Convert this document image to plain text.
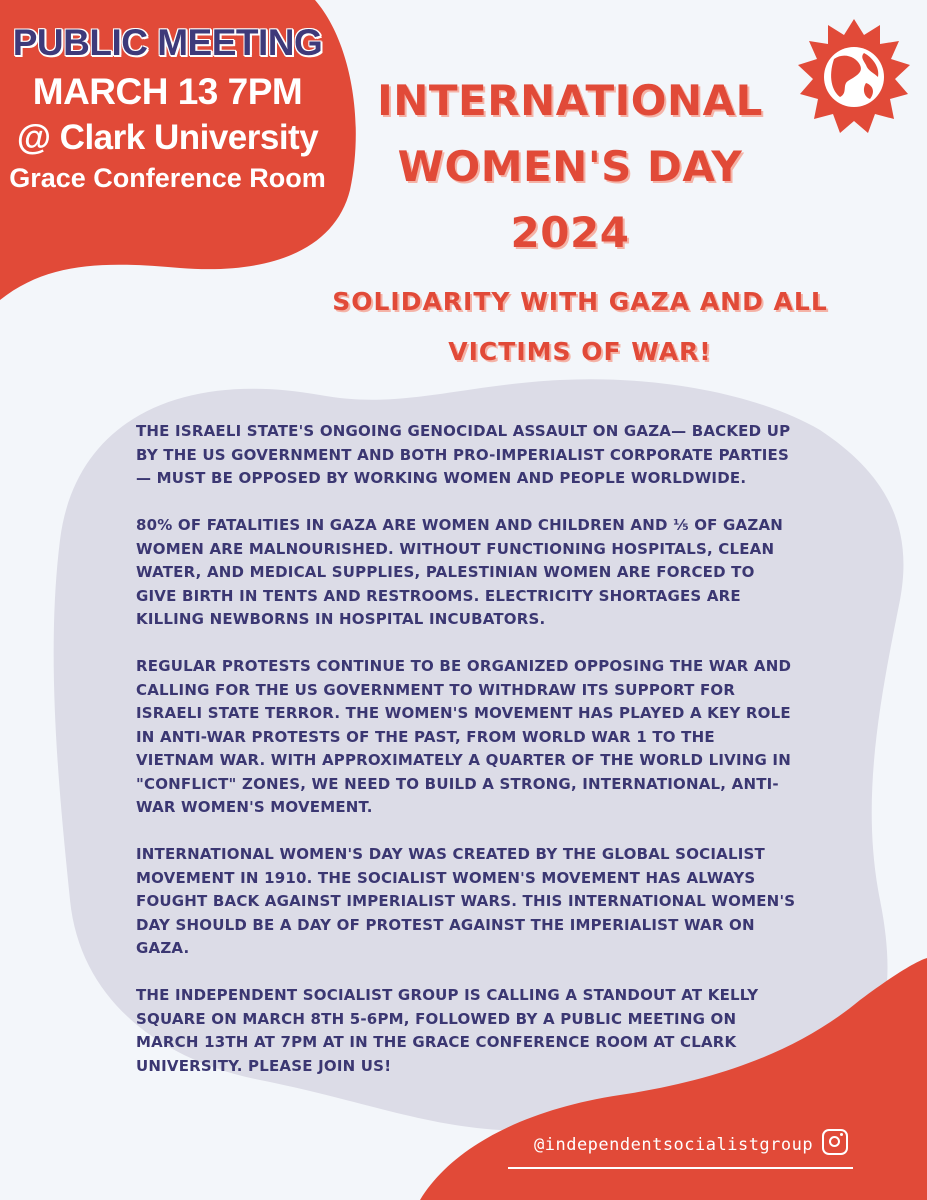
PUBLIC MEETING
MARCH 13 7PM
@ Clark University
Grace Conference Room
INTERNATIONAL
WOMEN'S DAY
2024
SOLIDARITY WITH GAZA AND ALL
VICTIMS OF WAR!

THE ISRAELI STATE'S ONGOING GENOCIDAL ASSAULT ON GAZA— BACKED UP BY THE US GOVERNMENT AND BOTH PRO-IMPERIALIST CORPORATE PARTIES — MUST BE OPPOSED BY WORKING WOMEN AND PEOPLE WORLDWIDE.

80% OF FATALITIES IN GAZA ARE WOMEN AND CHILDREN AND ⅕ OF GAZAN WOMEN ARE MALNOURISHED. WITHOUT FUNCTIONING HOSPITALS, CLEAN WATER, AND MEDICAL SUPPLIES, PALESTINIAN WOMEN ARE FORCED TO GIVE BIRTH IN TENTS AND RESTROOMS. ELECTRICITY SHORTAGES ARE KILLING NEWBORNS IN HOSPITAL INCUBATORS.

REGULAR PROTESTS CONTINUE TO BE ORGANIZED OPPOSING THE WAR AND CALLING FOR THE US GOVERNMENT TO WITHDRAW ITS SUPPORT FOR ISRAELI STATE TERROR. THE WOMEN'S MOVEMENT HAS PLAYED A KEY ROLE IN ANTI-WAR PROTESTS OF THE PAST, FROM WORLD WAR 1 TO THE VIETNAM WAR. WITH APPROXIMATELY A QUARTER OF THE WORLD LIVING IN "CONFLICT" ZONES, WE NEED TO BUILD A STRONG, INTERNATIONAL, ANTI-WAR WOMEN'S MOVEMENT.

INTERNATIONAL WOMEN'S DAY WAS CREATED BY THE GLOBAL SOCIALIST MOVEMENT IN 1910. THE SOCIALIST WOMEN'S MOVEMENT HAS ALWAYS FOUGHT BACK AGAINST IMPERIALIST WARS. THIS INTERNATIONAL WOMEN'S DAY SHOULD BE A DAY OF PROTEST AGAINST THE IMPERIALIST WAR ON GAZA.

THE INDEPENDENT SOCIALIST GROUP IS CALLING A STANDOUT AT KELLY SQUARE ON MARCH 8TH 5-6PM, FOLLOWED BY A PUBLIC MEETING ON MARCH 13TH AT 7PM AT IN THE GRACE CONFERENCE ROOM AT CLARK UNIVERSITY. PLEASE JOIN US!

@independentsocialistgroup
